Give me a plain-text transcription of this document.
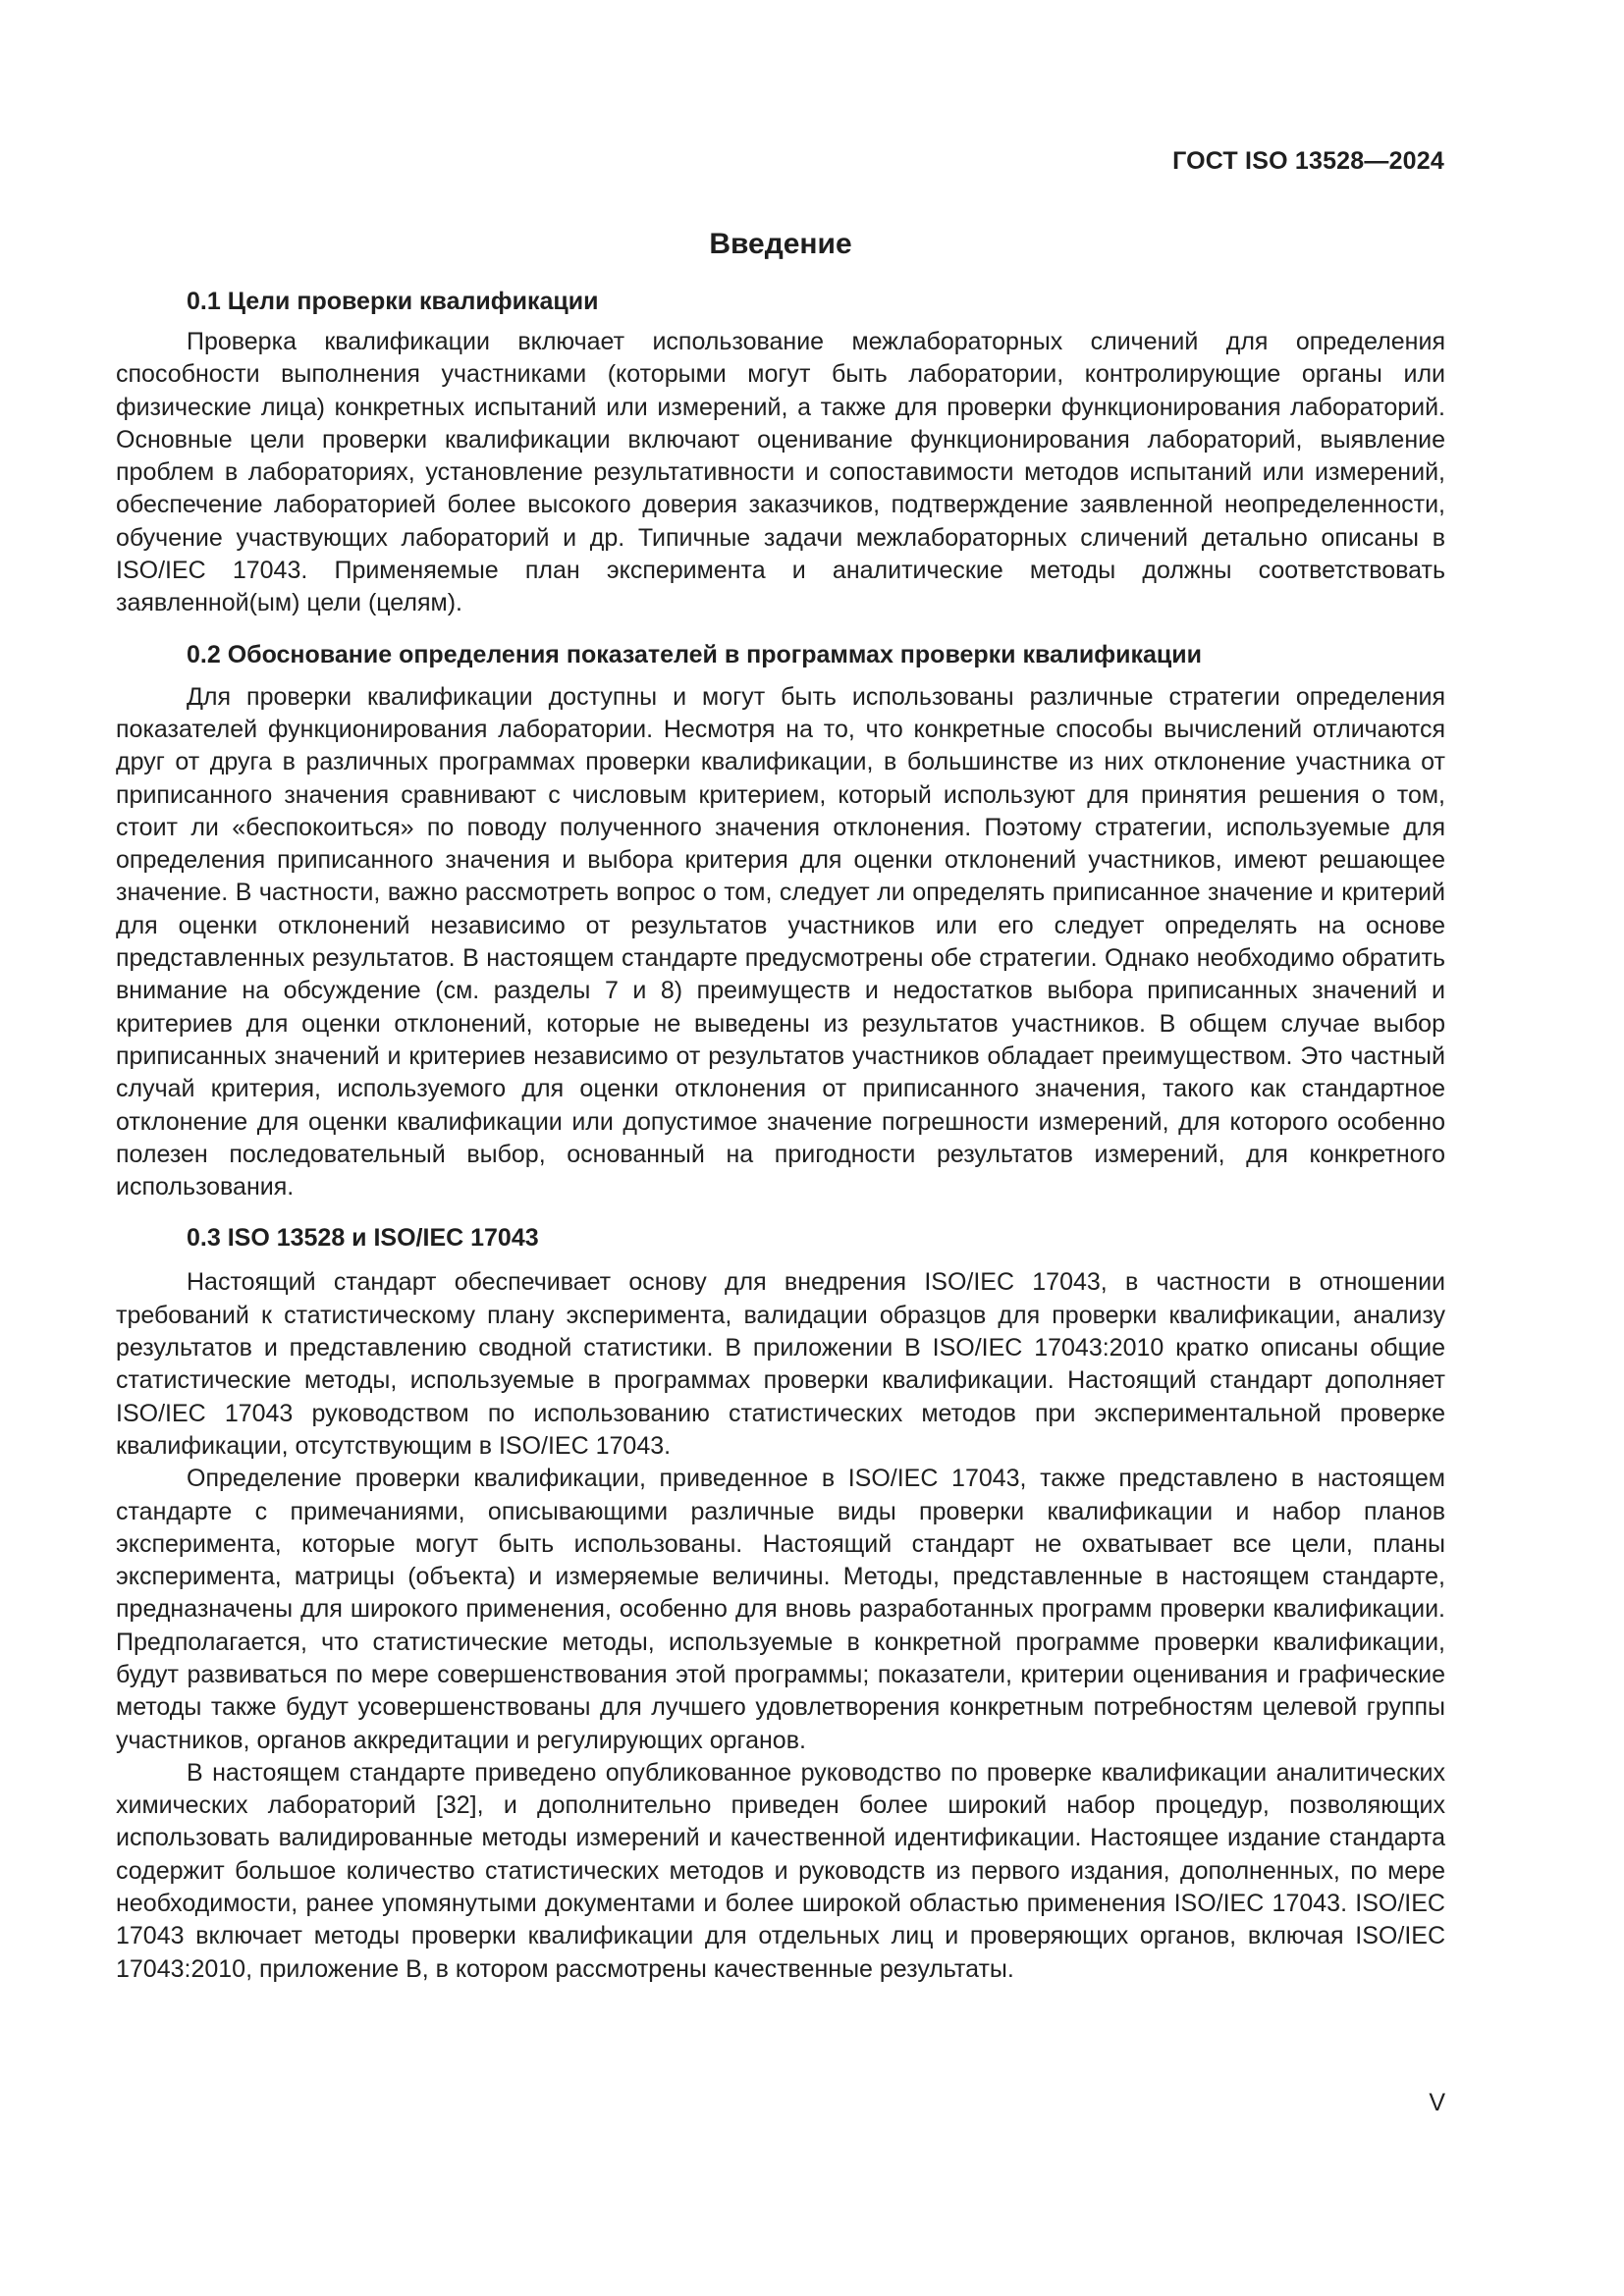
ГОСТ ISO 13528—2024
Введение
0.1 Цели проверки квалификации

Проверка квалификации включает использование межлабораторных сличений для определения способности выполнения участниками (которыми могут быть лаборатории, контролирующие органы или физические лица) конкретных испытаний или измерений, а также для проверки функционирования лабораторий. Основные цели проверки квалификации включают оценивание функционирования лабораторий, выявление проблем в лабораториях, установление результативности и сопоставимости методов испытаний или измерений, обеспечение лабораторией более высокого доверия заказчиков, подтверждение заявленной неопределенности, обучение участвующих лабораторий и др. Типичные задачи межлабораторных сличений детально описаны в ISO/IEC 17043. Применяемые план эксперимента и аналитические методы должны соответствовать заявленной(ым) цели (целям).

0.2 Обоснование определения показателей в программах проверки квалификации

Для проверки квалификации доступны и могут быть использованы различные стратегии определения показателей функционирования лаборатории. Несмотря на то, что конкретные способы вычислений отличаются друг от друга в различных программах проверки квалификации, в большинстве из них отклонение участника от приписанного значения сравнивают с числовым критерием, который используют для принятия решения о том, стоит ли «беспокоиться» по поводу полученного значения отклонения. Поэтому стратегии, используемые для определения приписанного значения и выбора критерия для оценки отклонений участников, имеют решающее значение. В частности, важно рассмотреть вопрос о том, следует ли определять приписанное значение и критерий для оценки отклонений независимо от результатов участников или его следует определять на основе представленных результатов. В настоящем стандарте предусмотрены обе стратегии. Однако необходимо обратить внимание на обсуждение (см. разделы 7 и 8) преимуществ и недостатков выбора приписанных значений и критериев для оценки отклонений, которые не выведены из результатов участников. В общем случае выбор приписанных значений и критериев независимо от результатов участников обладает преимуществом. Это частный случай критерия, используемого для оценки отклонения от приписанного значения, такого как стандартное отклонение для оценки квалификации или допустимое значение погрешности измерений, для которого особенно полезен последовательный выбор, основанный на пригодности результатов измерений, для конкретного использования.

0.3 ISO 13528 и ISO/IEC 17043

Настоящий стандарт обеспечивает основу для внедрения ISO/IEC 17043, в частности в отношении требований к статистическому плану эксперимента, валидации образцов для проверки квалификации, анализу результатов и представлению сводной статистики. В приложении В ISO/IEC 17043:2010 кратко описаны общие статистические методы, используемые в программах проверки квалификации. Настоящий стандарт дополняет ISO/IEC 17043 руководством по использованию статистических методов при экспериментальной проверке квалификации, отсутствующим в ISO/IEC 17043.

Определение проверки квалификации, приведенное в ISO/IEC 17043, также представлено в настоящем стандарте с примечаниями, описывающими различные виды проверки квалификации и набор планов эксперимента, которые могут быть использованы. Настоящий стандарт не охватывает все цели, планы эксперимента, матрицы (объекта) и измеряемые величины. Методы, представленные в настоящем стандарте, предназначены для широкого применения, особенно для вновь разработанных программ проверки квалификации. Предполагается, что статистические методы, используемые в конкретной программе проверки квалификации, будут развиваться по мере совершенствования этой программы; показатели, критерии оценивания и графические методы также будут усовершенствованы для лучшего удовлетворения конкретным потребностям целевой группы участников, органов аккредитации и регулирующих органов.

В настоящем стандарте приведено опубликованное руководство по проверке квалификации аналитических химических лабораторий [32], и дополнительно приведен более широкий набор процедур, позволяющих использовать валидированные методы измерений и качественной идентификации. Настоящее издание стандарта содержит большое количество статистических методов и руководств из первого издания, дополненных, по мере необходимости, ранее упомянутыми документами и более широкой областью применения ISO/IEC 17043. ISO/IEC 17043 включает методы проверки квалификации для отдельных лиц и проверяющих органов, включая ISO/IEC 17043:2010, приложение В, в котором рассмотрены качественные результаты.

V
